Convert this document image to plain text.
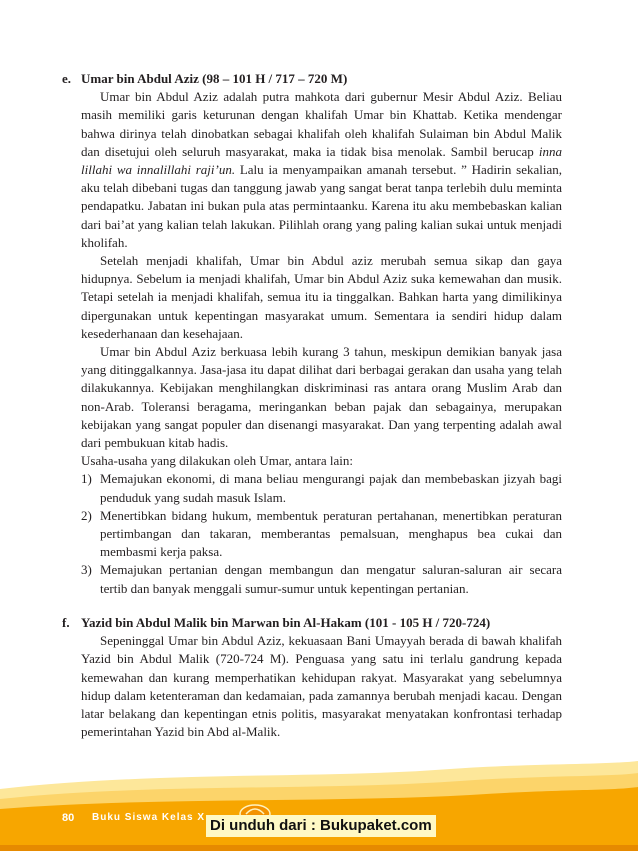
e. Umar bin Abdul Aziz (98 – 101 H / 717 – 720 M)

Umar bin Abdul Aziz adalah putra mahkota dari gubernur Mesir Abdul Aziz. Beliau masih memiliki garis keturunan dengan khalifah Umar bin Khattab. Ketika mendengar bahwa dirinya telah dinobatkan sebagai khalifah oleh khalifah Sulaiman bin Abdul Malik dan disetujui oleh seluruh masyarakat, maka ia tidak bisa menolak. Sambil berucap inna lillahi wa innalillahi raji’un. Lalu ia menyampaikan amanah tersebut. ” Hadirin sekalian, aku telah dibebani tugas dan tanggung jawab yang sangat berat tanpa terlebih dulu meminta pendapatku. Jabatan ini bukan pula atas permintaanku. Karena itu aku membebaskan kalian dari bai’at yang kalian telah lakukan. Pilihlah orang yang paling kalian sukai untuk menjadi kholifah.

Setelah menjadi khalifah, Umar bin Abdul aziz merubah semua sikap dan gaya hidupnya. Sebelum ia menjadi khalifah, Umar bin Abdul Aziz suka kemewahan dan musik. Tetapi setelah ia menjadi khalifah, semua itu ia tinggalkan. Bahkan harta yang dimilikinya dipergunakan untuk kepentingan masyarakat umum. Sementara ia sendiri hidup dalam kesederhanaan dan kesehajaan.

Umar bin Abdul Aziz berkuasa lebih kurang 3 tahun, meskipun demikian banyak jasa yang ditinggalkannya. Jasa-jasa itu dapat dilihat dari berbagai gerakan dan usaha yang telah dilakukannya. Kebijakan menghilangkan diskriminasi ras antara orang Muslim Arab dan non-Arab. Toleransi beragama, meringankan beban pajak dan sebagainya, merupakan kebijakan yang sangat populer dan disenangi masyarakat. Dan yang terpenting adalah awal dari pembukuan kitab hadis.

Usaha-usaha yang dilakukan oleh Umar, antara lain:

1) Memajukan ekonomi, di mana beliau mengurangi pajak dan membebaskan jizyah bagi penduduk yang sudah masuk Islam.
2) Menertibkan bidang hukum, membentuk peraturan pertahanan, menertibkan peraturan pertimbangan dan takaran, memberantas pemalsuan, menghapus bea cukai dan membasmi kerja paksa.
3) Memajukan pertanian dengan membangun dan mengatur saluran-saluran air secara tertib dan banyak menggali sumur-sumur untuk kepentingan pertanian.
f. Yazid bin Abdul Malik bin Marwan bin Al-Hakam (101 - 105 H / 720-724)

Sepeninggal Umar bin Abdul Aziz, kekuasaan Bani Umayyah berada di bawah khalifah Yazid bin Abdul Malik (720-724 M). Penguasa yang satu ini terlalu gandrung kepada kemewahan dan kurang memperhatikan kehidupan rakyat. Masyarakat yang sebelumnya hidup dalam ketenteraman dan kedamaian, pada zamannya berubah menjadi kacau. Dengan latar belakang dan kepentingan etnis politis, masyarakat menyatakan konfrontasi terhadap pemerintahan Yazid bin Abd al-Malik.

80 Buku Siswa Kelas X Di unduh dari : Bukupaket.com
